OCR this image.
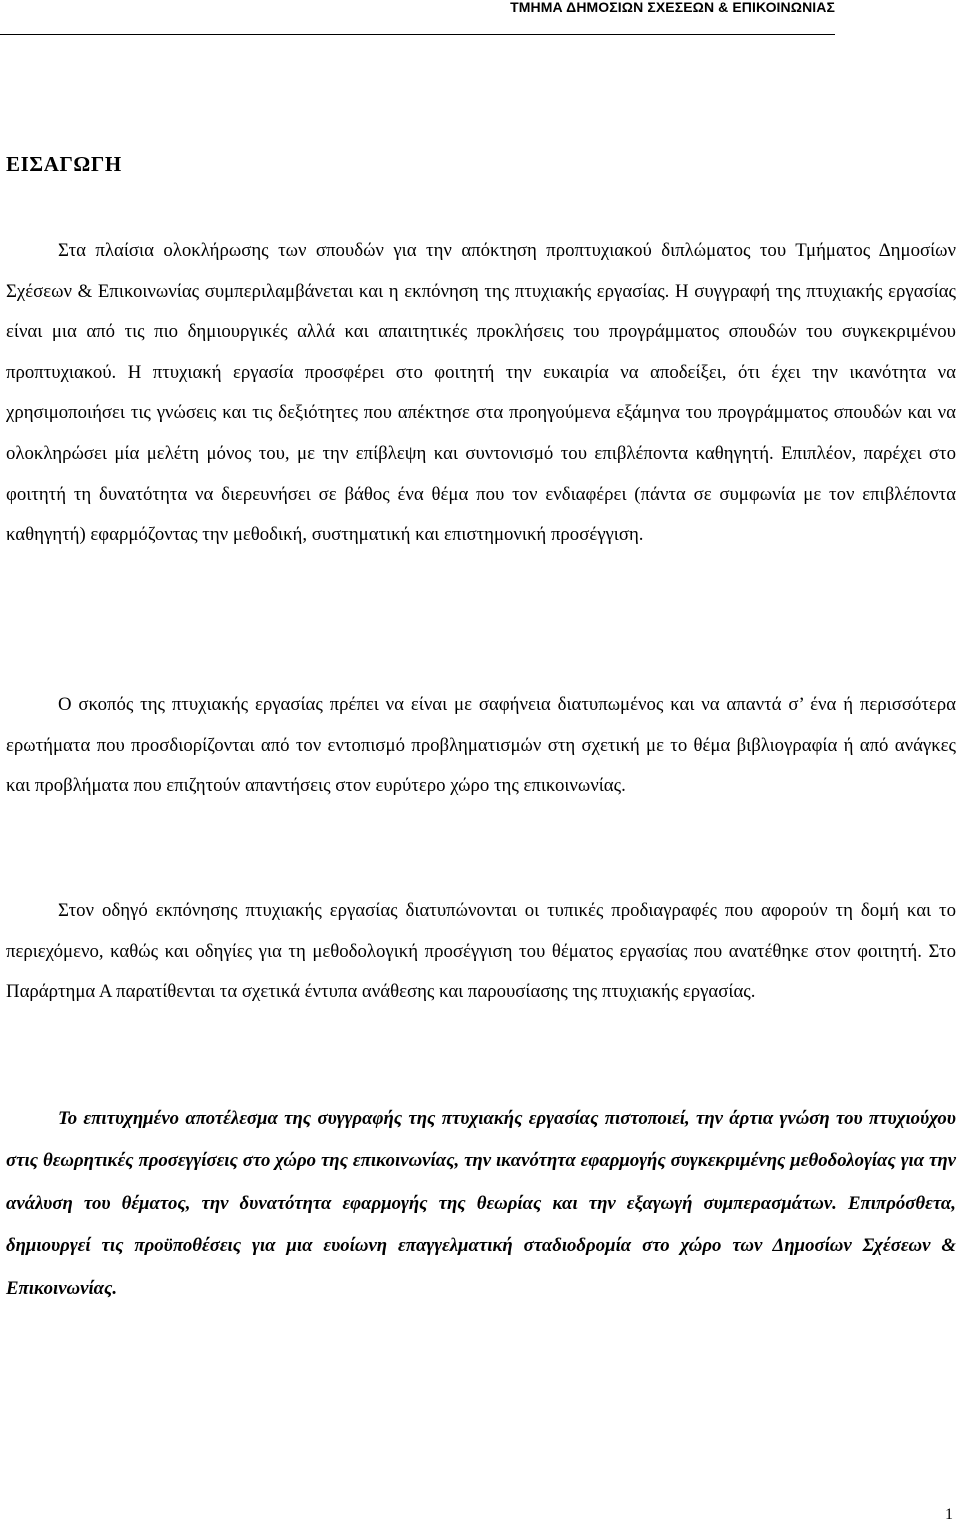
ΤΜΗΜΑ ΔΗΜΟΣΙΩΝ ΣΧΕΣΕΩΝ & ΕΠΙΚΟΙΝΩΝΙΑΣ
ΕΙΣΑΓΩΓΗ

Στα πλαίσια ολοκλήρωσης των σπουδών για την απόκτηση προπτυχιακού διπλώματος του Τμήματος Δημοσίων Σχέσεων & Επικοινωνίας συμπεριλαμβάνεται και η εκπόνηση της πτυχιακής εργασίας. Η συγγραφή της πτυχιακής εργασίας είναι μια από τις πιο δημιουργικές αλλά και απαιτητικές προκλήσεις του προγράμματος σπουδών του συγκεκριμένου προπτυχιακού. Η πτυχιακή εργασία προσφέρει στο φοιτητή την ευκαιρία να αποδείξει, ότι έχει την ικανότητα να χρησιμοποιήσει τις γνώσεις και τις δεξιότητες που απέκτησε στα προηγούμενα εξάμηνα του προγράμματος σπουδών και να ολοκληρώσει μία μελέτη μόνος του, με την επίβλεψη και συντονισμό του επιβλέποντα καθηγητή. Επιπλέον, παρέχει στο φοιτητή τη δυνατότητα να διερευνήσει σε βάθος ένα θέμα που τον ενδιαφέρει (πάντα σε συμφωνία με τον επιβλέποντα καθηγητή) εφαρμόζοντας την μεθοδική, συστηματική και επιστημονική προσέγγιση.

Ο σκοπός της πτυχιακής εργασίας πρέπει να είναι με σαφήνεια διατυπωμένος και να απαντά σ’ ένα ή περισσότερα ερωτήματα που προσδιορίζονται από τον εντοπισμό προβληματισμών στη σχετική με το θέμα βιβλιογραφία ή από ανάγκες και προβλήματα που επιζητούν απαντήσεις στον ευρύτερο χώρο της επικοινωνίας.

Στον οδηγό εκπόνησης πτυχιακής εργασίας διατυπώνονται οι τυπικές προδιαγραφές που αφορούν τη δομή και το περιεχόμενο, καθώς και οδηγίες για τη μεθοδολογική προσέγγιση του θέματος εργασίας που ανατέθηκε στον φοιτητή. Στο Παράρτημα Α παρατίθενται τα σχετικά έντυπα ανάθεσης και παρουσίασης της πτυχιακής εργασίας.

Το επιτυχημένο αποτέλεσμα της συγγραφής της πτυχιακής εργασίας πιστοποιεί, την άρτια γνώση του πτυχιούχου στις θεωρητικές προσεγγίσεις στο χώρο της επικοινωνίας, την ικανότητα εφαρμογής συγκεκριμένης μεθοδολογίας για την ανάλυση του θέματος, την δυνατότητα εφαρμογής της θεωρίας και την εξαγωγή συμπερασμάτων. Επιπρόσθετα, δημιουργεί τις προϋποθέσεις για μια ευοίωνη επαγγελματική σταδιοδρομία στο χώρο των Δημοσίων Σχέσεων & Επικοινωνίας.

1
